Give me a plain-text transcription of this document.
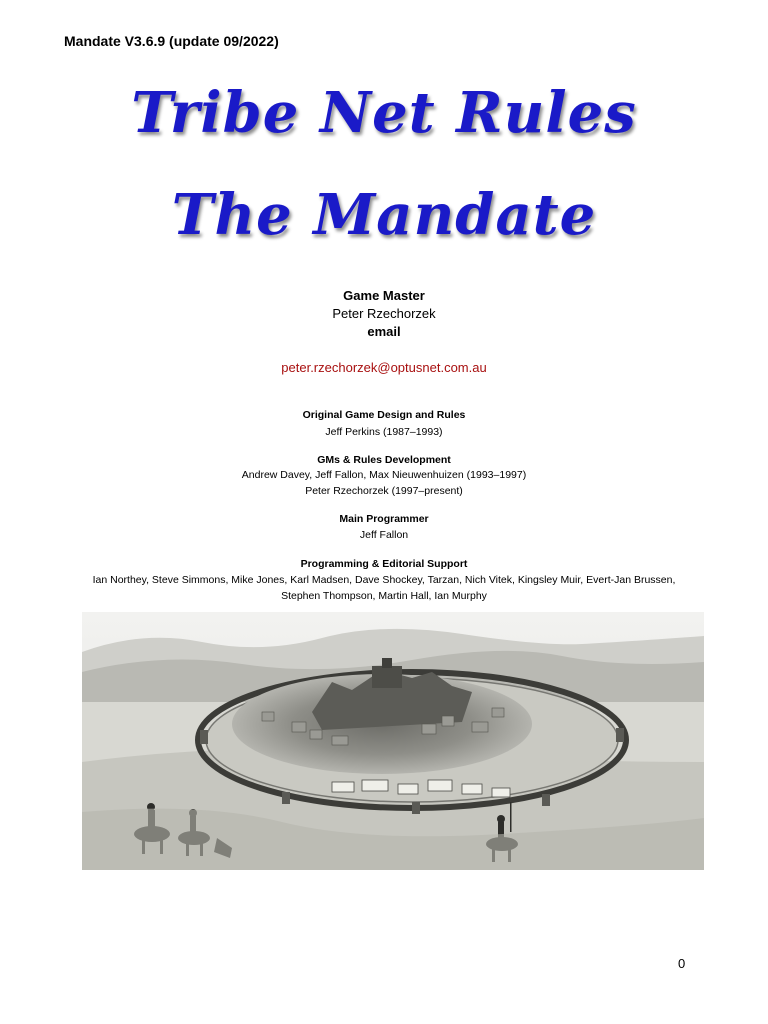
Mandate V3.6.9 (update 09/2022)
Tribe Net Rules
The Mandate
Game Master
Peter Rzechorzek
email
peter.rzechorzek@optusnet.com.au
Original Game Design and Rules
Jeff Perkins (1987–1993)
GMs & Rules Development
Andrew Davey, Jeff Fallon, Max Nieuwenhuizen (1993–1997)
Peter Rzechorzek (1997–present)
Main Programmer
Jeff Fallon
Programming & Editorial Support
Ian Northey, Steve Simmons, Mike Jones, Karl Madsen, Dave Shockey, Tarzan, Nich Vitek, Kingsley Muir, Evert-Jan Brussen, Stephen Thompson, Martin Hall, Ian Murphy
0
